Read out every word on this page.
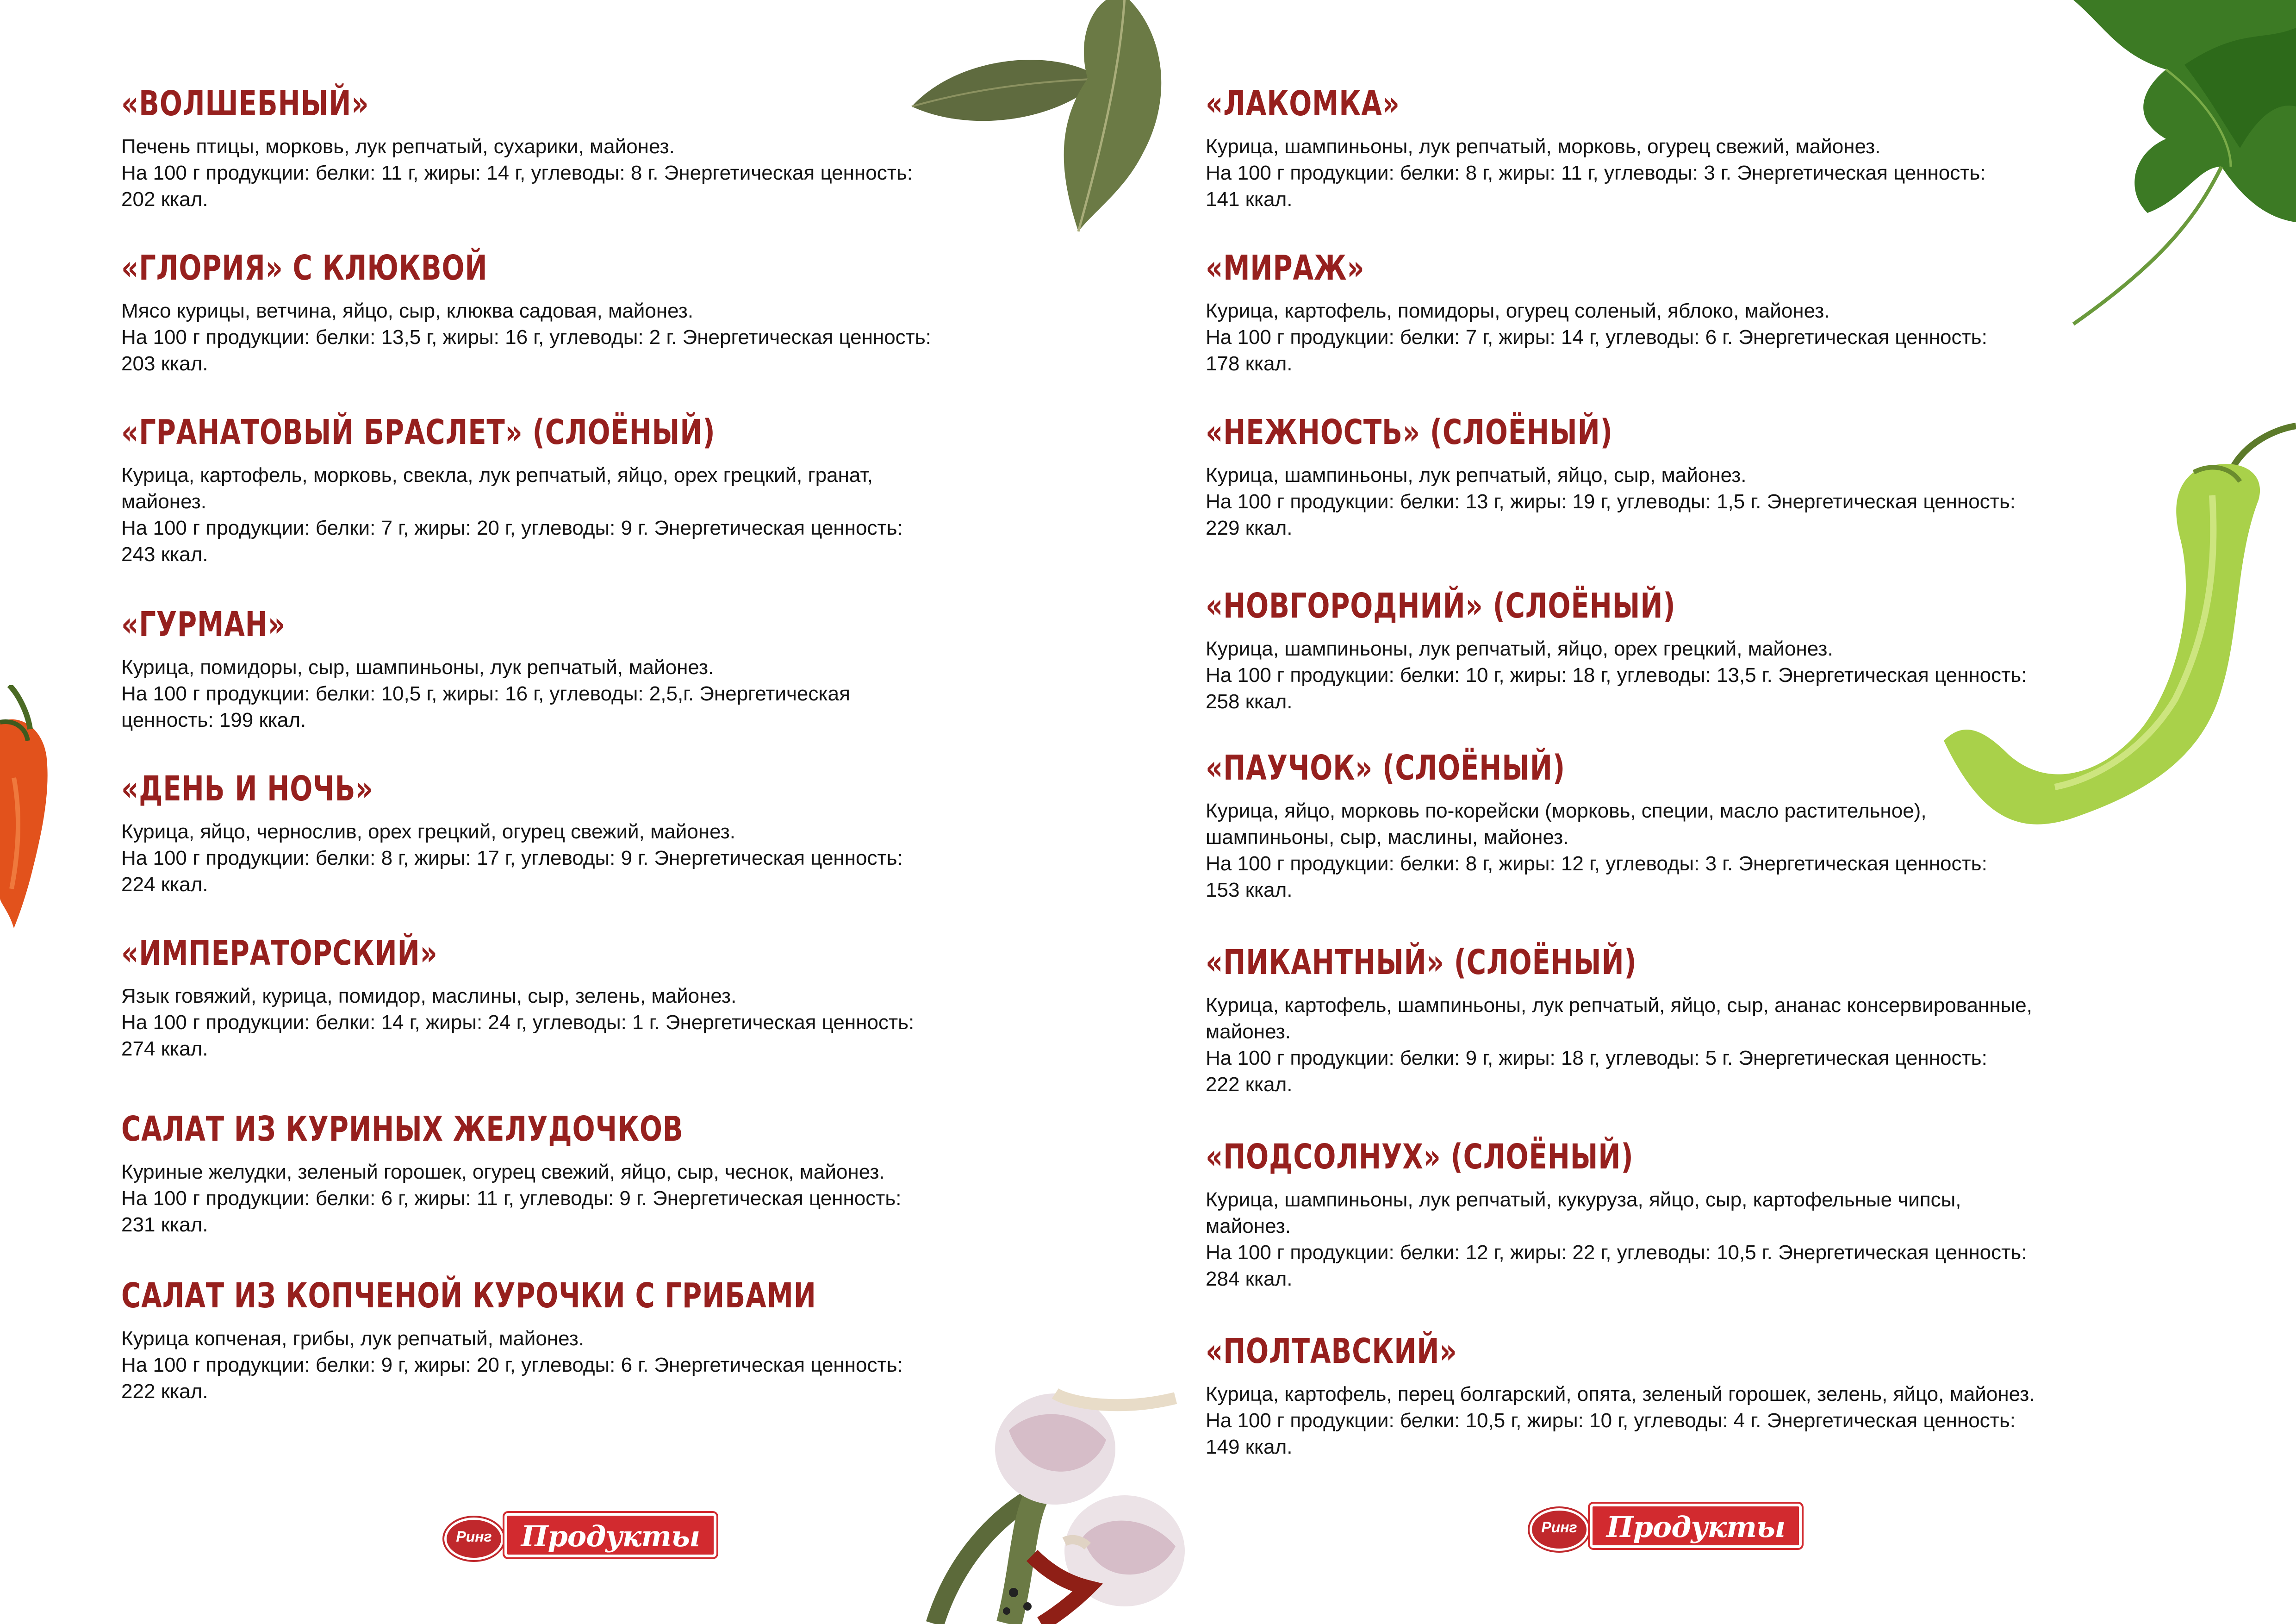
«ВОЛШЕБНЫЙ»

Печень птицы, морковь, лук репчатый, сухарики, майонез.
На 100 г продукции: белки: 11 г, жиры: 14 г, углеводы: 8 г. Энергетическая ценность:
202 ккал.

«ГЛОРИЯ» С КЛЮКВОЙ

Мясо курицы, ветчина, яйцо, сыр, клюква садовая, майонез.
На 100 г продукции: белки: 13,5 г, жиры: 16 г, углеводы: 2 г. Энергетическая ценность:
203 ккал.

«ГРАНАТОВЫЙ БРАСЛЕТ» (СЛОЁНЫЙ)

Курица, картофель, морковь, свекла, лук репчатый, яйцо, орех грецкий, гранат,
майонез.
На 100 г продукции: белки: 7 г, жиры: 20 г, углеводы: 9 г. Энергетическая ценность:
243 ккал.

«ГУРМАН»

Курица, помидоры, сыр, шампиньоны, лук репчатый, майонез.
На 100 г продукции: белки: 10,5 г, жиры: 16 г, углеводы: 2,5,г. Энергетическая
ценность: 199 ккал.

«ДЕНЬ И НОЧЬ»

Курица, яйцо, чернослив, орех грецкий, огурец свежий, майонез.
На 100 г продукции: белки: 8 г, жиры: 17 г, углеводы: 9 г. Энергетическая ценность:
224 ккал.

«ИМПЕРАТОРСКИЙ»

Язык говяжий, курица, помидор, маслины, сыр, зелень, майонез.
На 100 г продукции: белки: 14 г, жиры: 24 г, углеводы: 1 г. Энергетическая ценность:
274 ккал.

САЛАТ ИЗ КУРИНЫХ ЖЕЛУДОЧКОВ

Куриные желудки, зеленый горошек, огурец свежий, яйцо, сыр, чеснок, майонез.
На 100 г продукции: белки: 6 г, жиры: 11 г, углеводы: 9 г. Энергетическая ценность:
231 ккал.

САЛАТ ИЗ КОПЧЕНОЙ КУРОЧКИ С ГРИБАМИ

Курица копченая, грибы, лук репчатый, майонез.
На 100 г продукции: белки: 9 г, жиры: 20 г, углеводы: 6 г. Энергетическая ценность:
222 ккал.

«ЛАКОМКА»

Курица, шампиньоны, лук репчатый, морковь, огурец свежий, майонез.
На 100 г продукции: белки: 8 г, жиры: 11 г, углеводы: 3 г. Энергетическая ценность:
141 ккал.

«МИРАЖ»

Курица, картофель, помидоры, огурец соленый, яблоко, майонез.
На 100 г продукции: белки: 7 г, жиры: 14 г, углеводы: 6 г. Энергетическая ценность:
178 ккал.

«НЕЖНОСТЬ» (СЛОЁНЫЙ)

Курица, шампиньоны, лук репчатый, яйцо, сыр, майонез.
На 100 г продукции: белки: 13 г, жиры: 19 г, углеводы: 1,5 г. Энергетическая ценность:
229 ккал.

«НОВГОРОДНИЙ» (СЛОЁНЫЙ)

Курица, шампиньоны, лук репчатый, яйцо, орех грецкий, майонез.
На 100 г продукции: белки: 10 г, жиры: 18 г, углеводы: 13,5 г. Энергетическая ценность:
258 ккал.

«ПАУЧОК» (СЛОЁНЫЙ)

Курица, яйцо, морковь по-корейски (морковь, специи, масло растительное),
шампиньоны, сыр, маслины, майонез.
На 100 г продукции: белки: 8 г, жиры: 12 г, углеводы: 3 г. Энергетическая ценность:
153 ккал.

«ПИКАНТНЫЙ» (СЛОЁНЫЙ)

Курица, картофель, шампиньоны, лук репчатый, яйцо, сыр, ананас консервированные,
майонез.
На 100 г продукции: белки: 9 г, жиры: 18 г, углеводы: 5 г. Энергетическая ценность:
222 ккал.

«ПОДСОЛНУХ» (СЛОЁНЫЙ)

Курица, шампиньоны, лук репчатый, кукуруза, яйцо, сыр, картофельные чипсы,
майонез.
На 100 г продукции: белки: 12 г, жиры: 22 г, углеводы: 10,5 г. Энергетическая ценность:
284 ккал.

«ПОЛТАВСКИЙ»

Курица, картофель, перец болгарский, опята, зеленый горошек, зелень, яйцо, майонез.
На 100 г продукции: белки: 10,5 г, жиры: 10 г, углеводы: 4 г. Энергетическая ценность:
149 ккал.

Ринг	Продукты	Ринг	Продукты
